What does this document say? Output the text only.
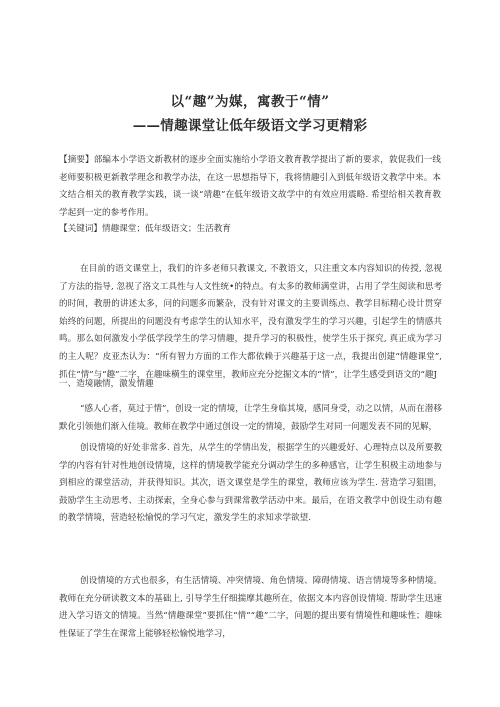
以“趣”为媒，寓教于“情”
——情趣课堂让低年级语文学习更精彩

【摘要】部编本小学语文新教材的逐步全面实施给小学语文教育教学提出了新的要求，敦促我们一线老师要积极更新教学理念和教学办法，在这一思想指导下，我将情趣引入到低年级语文教学中来。本文结合相关的教育教学实践，谈一谈“靖趣”在低年级语文故学中的有效应用震略. 希望给相关教育教学起到一定的参考作用。

【关键词】情趣课堂；低年级语文；生活教育

在目前的语文课堂上，我们的许多老师只教课文, 不教语文，只注重文本内容知识的传授, 忽视了方法的指导, 忽视了洛文工具性与人文性统•的特点。有太多的教师满堂讲，占用了学生阅读和思考的时间，教册的讲述太多，问的问题多而繁杂，没有针对课文的主要训练点、教学目标精心设计贯穿始终的问题，所提出的问题没有考虑学生的认知水平，没有激发学生的学习兴趣，引起学生的情感共鸣。那么如何激发小学低学段学生的学习情趣，提升学习的积极性，使学生乐于探究, 真正成为学习的主人呢？皮亚杰认为：“所有智力方面的工作大都依赖于兴趣基于这一点，我提出创建“情趣课堂”, 抓住“情”与“趣”二字，在趣味横生的课堂里，教师应充分挖掘文本的“情”，让学生感受到语文的“趣J

一、造境融情，激发情趣

“感人心者，莫过于情”，创设一定的情境，让学生身临其境，感同身受，动之以情，从而在潜移默化引领他们渐入佳境。教师在教学中通过创设一定的情境，鼓励学生对同一问题发表不同的见解，

创设情境的好处非常多. 首先，从学生的学情出发，根据学生的兴趣爱好、心理特点以及所要教学的内容有针对性地创设情境，这样的情境教学能充分调动学生的多种感官，让学生积极主动地参与到相应的课堂活动，并获得知识。其次，语文课堂是学生的课堂，教师应该为学生. 营造学习狙圉，鼓励学生主动思考、主动探索，全身心参与到课常教学活动中来。最后，在语文教学中创设生动有趣的教学情境，营造轻松愉悦的学习气定，激发学生的求知求学欲望.

创设情境的方式也很多，有生活情境、冲突情境、角色情境、障碍情境、语言情境等多种情境。教师在充分研读教文本的基础上, 引导学生仔细揣摩其趣所在，依据文本内容创设情境. 帮助学生迅速进入学习语文的情境。当然“情趣课堂”要抓住“情”“趣”二字，问题的提出要有情境性和趣味性；趣味性保证了学生在课常上能够轻松愉悦地学习，
